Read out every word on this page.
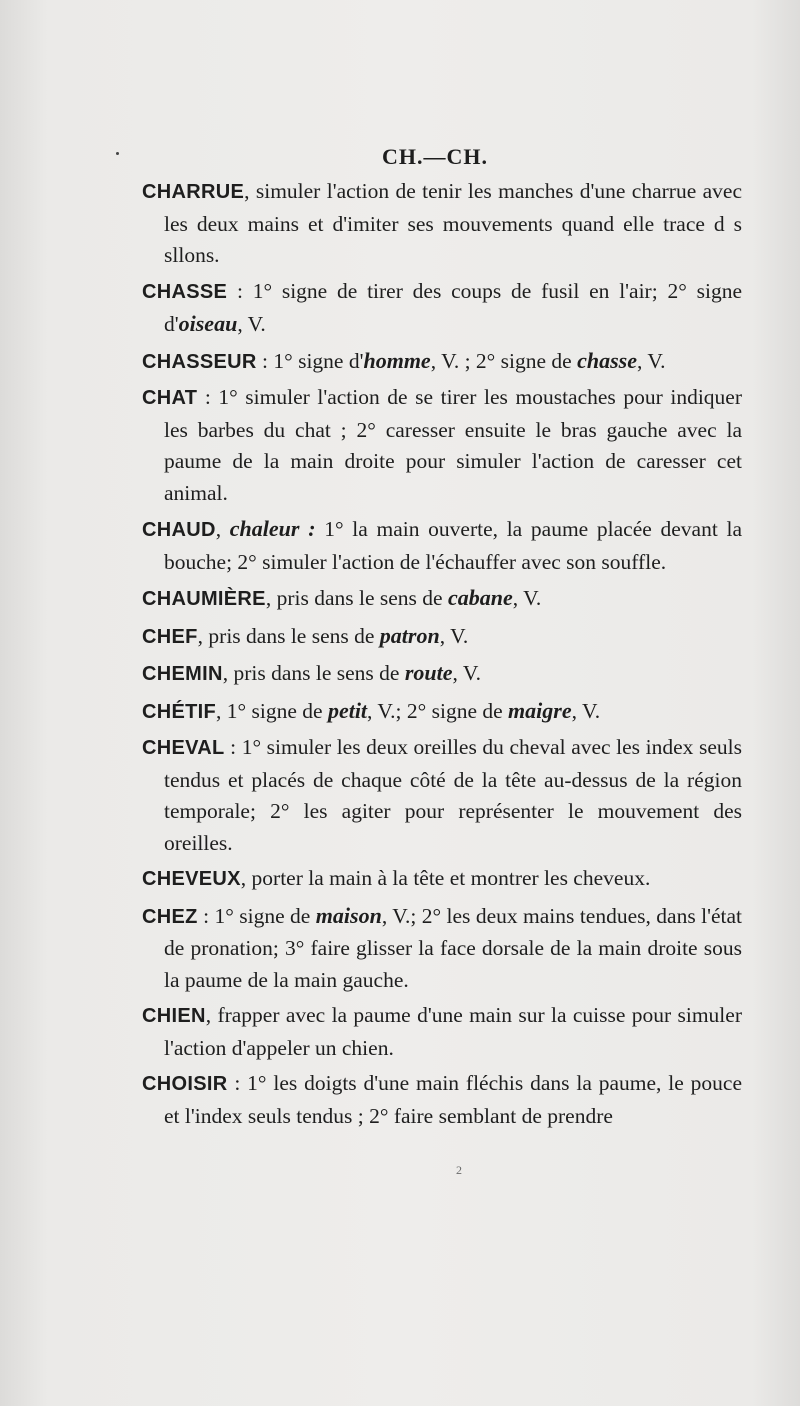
CH.—CH.

CHARRUE, simuler l'action de tenir les manches d'une charrue avec les deux mains et d'imiter ses mouvements quand elle trace d s sllons.

CHASSE : 1° signe de tirer des coups de fusil en l'air; 2° signe d'oiseau, V.

CHASSEUR : 1° signe d'homme, V. ; 2° signe de chasse, V.

CHAT : 1° simuler l'action de se tirer les moustaches pour indiquer les barbes du chat ; 2° caresser ensuite le bras gauche avec la paume de la main droite pour simuler l'action de caresser cet animal.

CHAUD, chaleur : 1° la main ouverte, la paume placée devant la bouche; 2° simuler l'action de l'échauffer avec son souffle.

CHAUMIÈRE, pris dans le sens de cabane, V.

CHEF, pris dans le sens de patron, V.

CHEMIN, pris dans le sens de route, V.

CHÉTIF, 1° signe de petit, V.; 2° signe de maigre, V.

CHEVAL : 1° simuler les deux oreilles du cheval avec les index seuls tendus et placés de chaque côté de la tête au-dessus de la région temporale; 2° les agiter pour représenter le mouvement des oreilles.

CHEVEUX, porter la main à la tête et montrer les cheveux.

CHEZ : 1° signe de maison, V.; 2° les deux mains tendues, dans l'état de pronation; 3° faire glisser la face dorsale de la main droite sous la paume de la main gauche.

CHIEN, frapper avec la paume d'une main sur la cuisse pour simuler l'action d'appeler un chien.

CHOISIR : 1° les doigts d'une main fléchis dans la paume, le pouce et l'index seuls tendus ; 2° faire semblant de prendre

2
